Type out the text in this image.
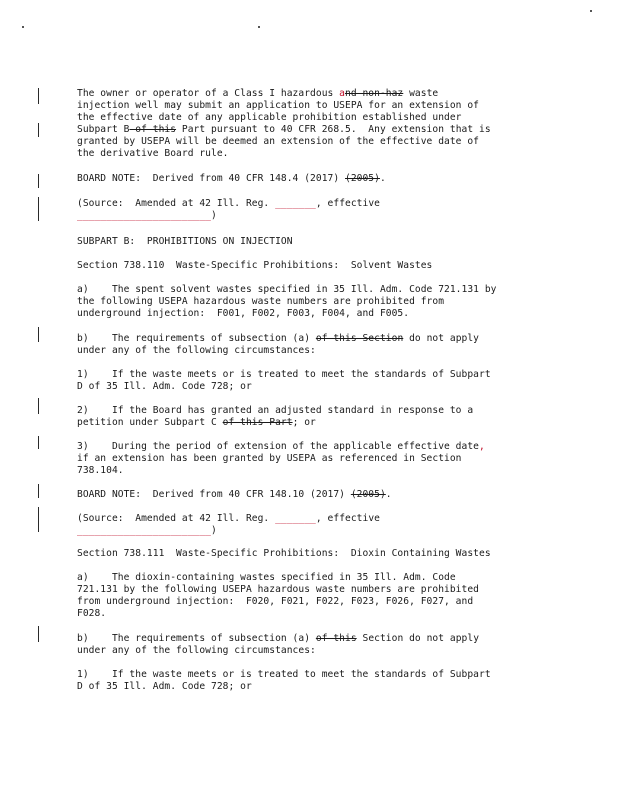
The owner or operator of a Class I hazardous and non-haz waste
injection well may submit an application to USEPA for an extension of
the effective date of any applicable prohibition established under
Subpart B of this Part pursuant to 40 CFR 268.5.  Any extension that is
granted by USEPA will be deemed an extension of the effective date of
the derivative Board rule.
BOARD NOTE:  Derived from 40 CFR 148.4 (2017) (2005).
(Source:  Amended at 42 Ill. Reg. _______, effective
_______________________)
SUBPART B:  PROHIBITIONS ON INJECTION
Section 738.110  Waste-Specific Prohibitions:  Solvent Wastes
a)    The spent solvent wastes specified in 35 Ill. Adm. Code 721.131 by
the following USEPA hazardous waste numbers are prohibited from
underground injection:  F001, F002, F003, F004, and F005.
b)    The requirements of subsection (a) of this Section do not apply
under any of the following circumstances:
1)    If the waste meets or is treated to meet the standards of Subpart
D of 35 Ill. Adm. Code 728; or
2)    If the Board has granted an adjusted standard in response to a
petition under Subpart C of this Part; or
3)    During the period of extension of the applicable effective date,
if an extension has been granted by USEPA as referenced in Section
738.104.
BOARD NOTE:  Derived from 40 CFR 148.10 (2017) (2005).
(Source:  Amended at 42 Ill. Reg. _______, effective
_______________________)
Section 738.111  Waste-Specific Prohibitions:  Dioxin Containing Wastes
a)    The dioxin-containing wastes specified in 35 Ill. Adm. Code
721.131 by the following USEPA hazardous waste numbers are prohibited
from underground injection:  F020, F021, F022, F023, F026, F027, and
F028.
b)    The requirements of subsection (a) of this Section do not apply
under any of the following circumstances:
1)    If the waste meets or is treated to meet the standards of Subpart
D of 35 Ill. Adm. Code 728; or
